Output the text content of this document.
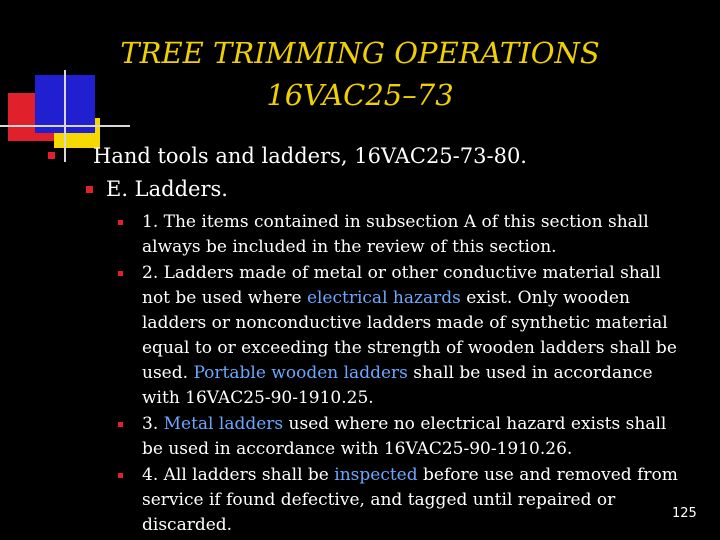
TREE TRIMMING OPERATIONS
16VAC25–73
Hand tools and ladders, 16VAC25-73-80.
E. Ladders.
1. The items contained in subsection A of this section shall always be included in the review of this section.
2. Ladders made of metal or other conductive material shall not be used where electrical hazards exist. Only wooden ladders or nonconductive ladders made of synthetic material equal to or exceeding the strength of wooden ladders shall be used. Portable wooden ladders shall be used in accordance with 16VAC25-90-1910.25.
3. Metal ladders used where no electrical hazard exists shall be used in accordance with 16VAC25-90-1910.26.
4. All ladders shall be inspected before use and removed from service if found defective, and tagged until repaired or discarded.
125
